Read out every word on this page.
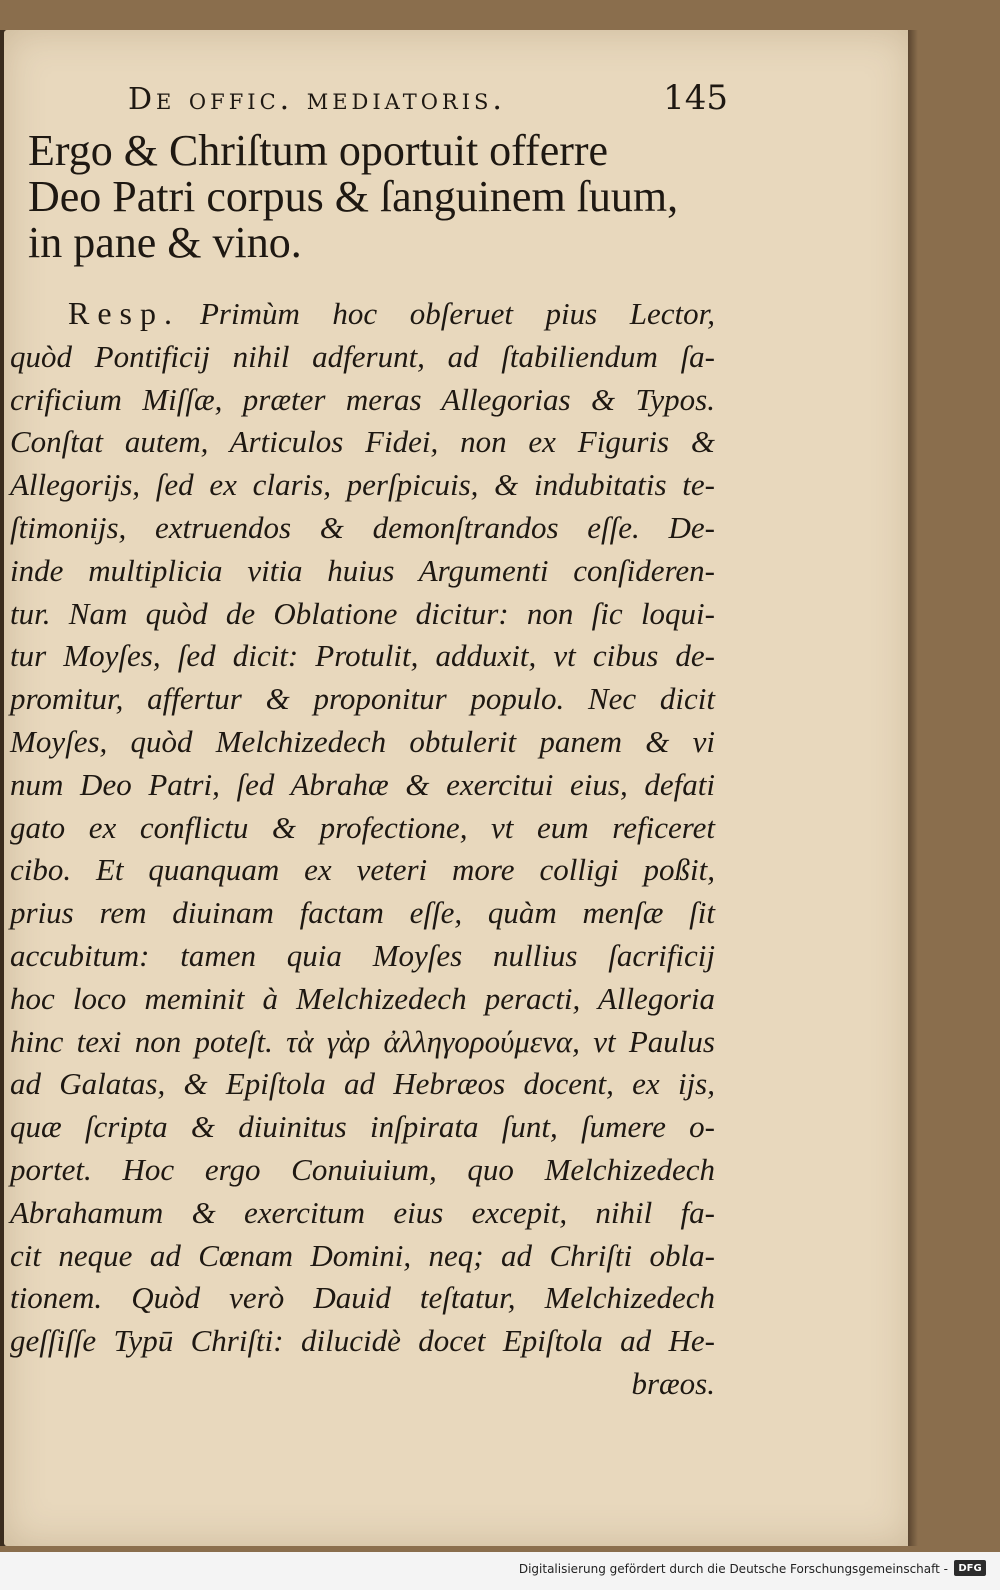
De offic. mediatoris.	145
Ergo & Chriſtum oportuit offerre
Deo Patri corpus & ſanguinem ſuum,
in pane & vino.
Resp. Primùm hoc obſeruet pius Lector,
quòd Pontificij nihil adferunt, ad ſtabiliendum ſa-
crificium Miſſæ, præter meras Allegorias & Typos.
Conſtat autem, Articulos Fidei, non ex Figuris &
Allegorijs, ſed ex claris, perſpicuis, & indubitatis te-
ſtimonijs, extruendos & demonſtrandos eſſe. De-
inde multiplicia vitia huius Argumenti conſideren-
tur. Nam quòd de Oblatione dicitur: non ſic loqui-
tur Moyſes, ſed dicit: Protulit, adduxit, vt cibus de-
promitur, affertur & proponitur populo. Nec dicit
Moyſes, quòd Melchizedech obtulerit panem & vi
num Deo Patri, ſed Abrahæ & exercitui eius, defati
gato ex conflictu & profectione, vt eum reficeret
cibo. Et quanquam ex veteri more colligi poßit,
prius rem diuinam factam eſſe, quàm menſæ ſit
accubitum: tamen quia Moyſes nullius ſacrificij
hoc loco meminit à Melchizedech peracti, Allegoria
hinc texi non poteſt. τὰ γὰρ ἀλληγορούμενα, vt Paulus
ad Galatas, & Epiſtola ad Hebræos docent, ex ijs,
quæ ſcripta & diuinitus inſpirata ſunt, ſumere o-
portet. Hoc ergo Conuiuium, quo Melchizedech
Abrahamum & exercitum eius excepit, nihil fa-
cit neque ad Cœnam Domini, neq; ad Chriſti obla-
tionem. Quòd verò Dauid teſtatur, Melchizedech
geſſiſſe Typū Chriſti: dilucidè docet Epiſtola ad He-
bræos.
Digitalisierung gefördert durch die Deutsche Forschungsgemeinschaft -	DFG
